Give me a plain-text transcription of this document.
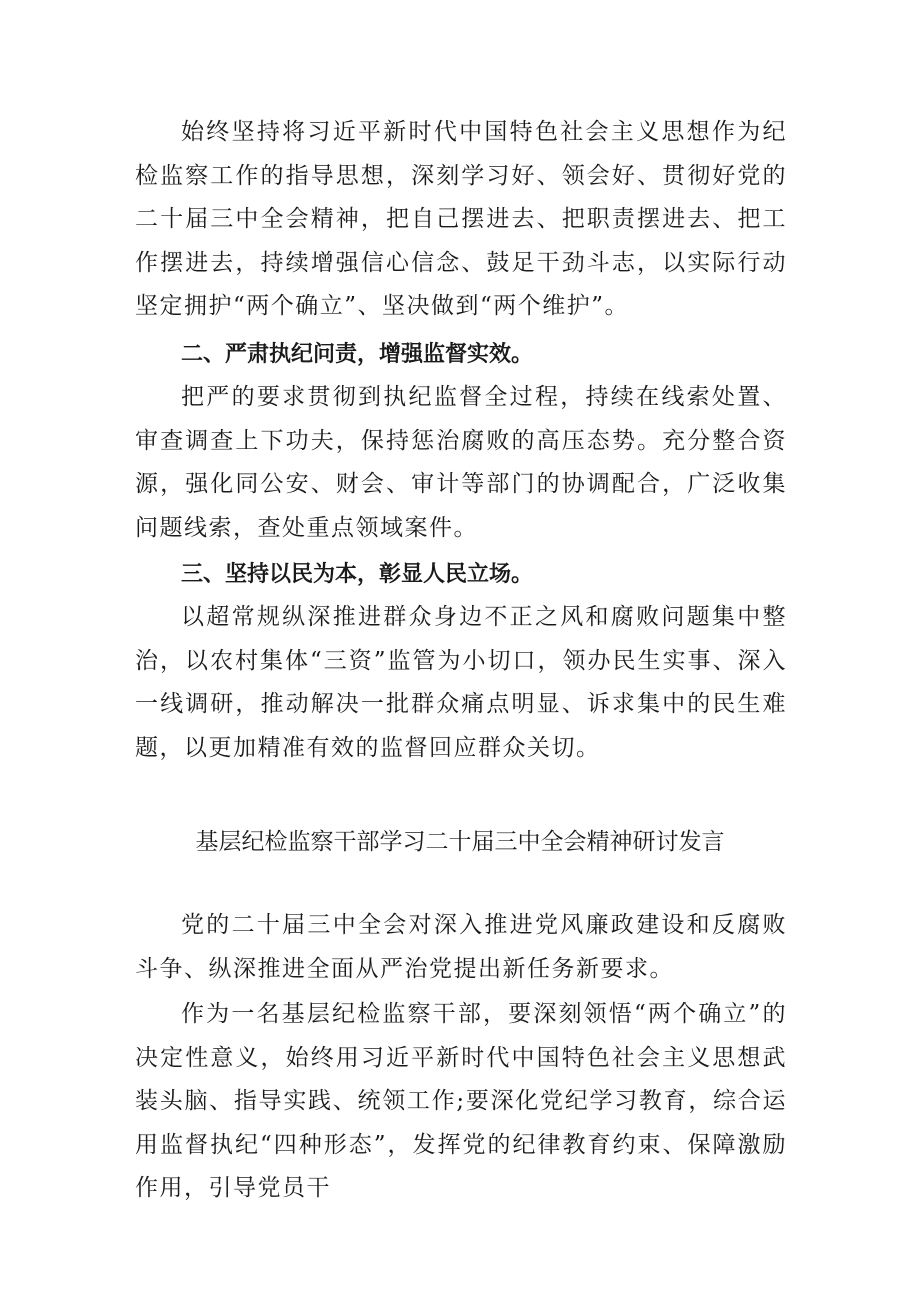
始终坚持将习近平新时代中国特色社会主义思想作为纪检监察工作的指导思想，深刻学习好、领会好、贯彻好党的二十届三中全会精神，把自己摆进去、把职责摆进去、把工作摆进去，持续增强信心信念、鼓足干劲斗志，以实际行动坚定拥护“两个确立”、坚决做到“两个维护”。

二、严肃执纪问责，增强监督实效。

把严的要求贯彻到执纪监督全过程，持续在线索处置、审查调查上下功夫，保持惩治腐败的高压态势。充分整合资源，强化同公安、财会、审计等部门的协调配合，广泛收集问题线索，查处重点领域案件。

三、坚持以民为本，彰显人民立场。

以超常规纵深推进群众身边不正之风和腐败问题集中整治，以农村集体“三资”监管为小切口，领办民生实事、深入一线调研，推动解决一批群众痛点明显、诉求集中的民生难题，以更加精准有效的监督回应群众关切。

基层纪检监察干部学习二十届三中全会精神研讨发言

党的二十届三中全会对深入推进党风廉政建设和反腐败斗争、纵深推进全面从严治党提出新任务新要求。

作为一名基层纪检监察干部，要深刻领悟“两个确立”的决定性意义，始终用习近平新时代中国特色社会主义思想武装头脑、指导实践、统领工作;要深化党纪学习教育，综合运用监督执纪“四种形态”，发挥党的纪律教育约束、保障激励作用，引导党员干
